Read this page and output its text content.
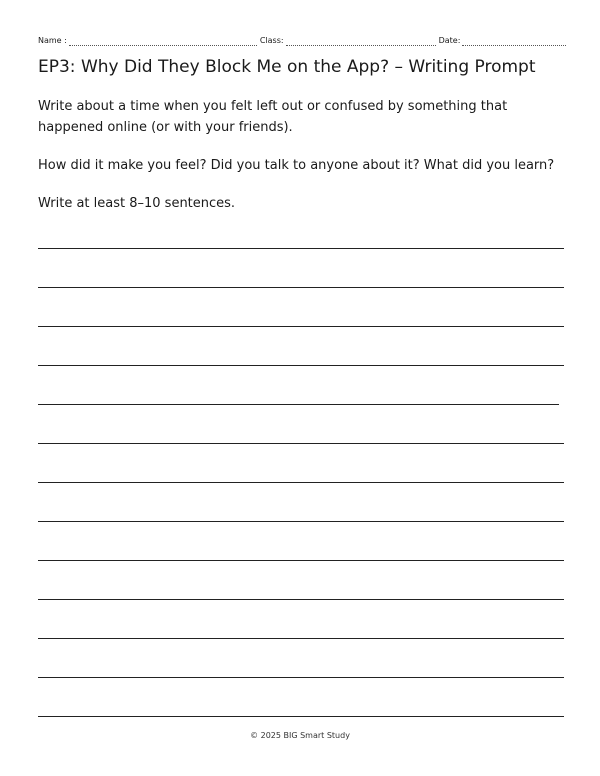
Name :	Class:	Date:
EP3: Why Did They Block Me on the App? – Writing Prompt

Write about a time when you felt left out or confused by something that happened online (or with your friends).

How did it make you feel? Did you talk to anyone about it? What did you learn?

Write at least 8–10 sentences.

© 2025 BIG Smart Study
